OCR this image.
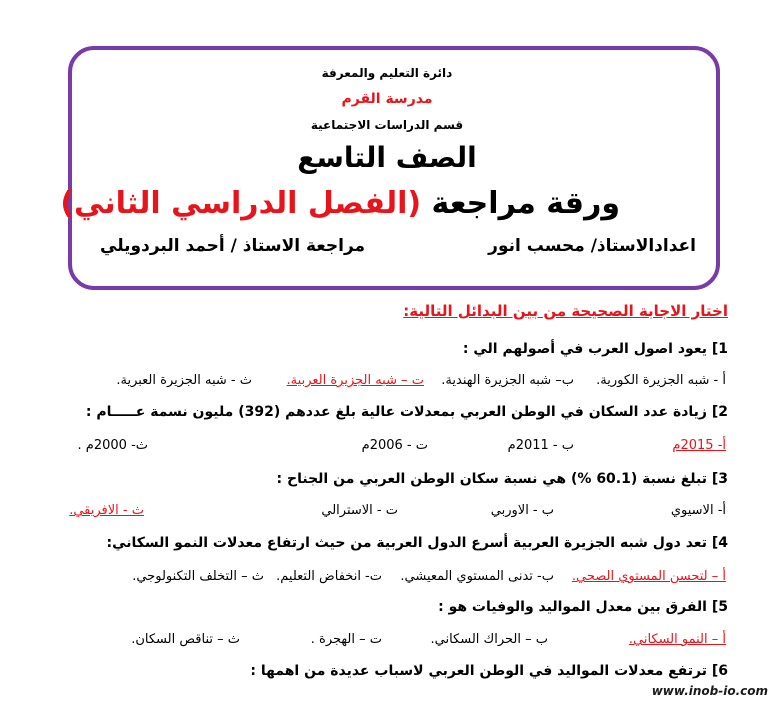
دائرة التعليم والمعرفة
مدرسة القرم
قسم الدراسات الاجتماعية
الصف التاسع
ورقة مراجعة (الفصل الدراسي الثاني)
اعدادالاستاذ/ محسب انور
مراجعة الاستاذ / أحمد البردويلي
اختار الاجابة الصحيحة من بين البدائل التالية:
1] يعود اصول العرب في أصولهم الي :
أ - شبه الجزيرة الكورية.
ب– شبه الجزيرة الهندية.
ت – شبه الجزيرة العربية.
ث - شبه الجزيرة العبرية.
2] زيادة عدد السكان في الوطن العربي بمعدلات عالية بلغ عددهم (392) مليون نسمة عـــــام :
أ- 2015م
ب - 2011م
ت - 2006م
ث- 2000م .
3] تبلغ نسبة (60.1 %) هي نسبة سكان الوطن العربي من الجناح :
أ- الاسيوي
ب - الاوربي
ت - الاسترالي
ث - الافريقي.
4] تعد دول شبه الجزيرة العربية أسرع الدول العربية من حيث ارتفاع معدلات النمو السكاني:
أ – لتحسن المستوي الصحي.
ب- تدنى المستوي المعيشي.
ت- انخفاض التعليم.
ث – التخلف التكنولوجي.
5] الفرق بين معدل المواليد والوفيات هو :
أ – النمو السكاني.
ب – الحراك السكاني.
ت – الهجرة .
ث – تناقص السكان.
6] ترتفع معدلات المواليد في الوطن العربي لاسباب عديدة من اهمها :
www.inob-io.com
